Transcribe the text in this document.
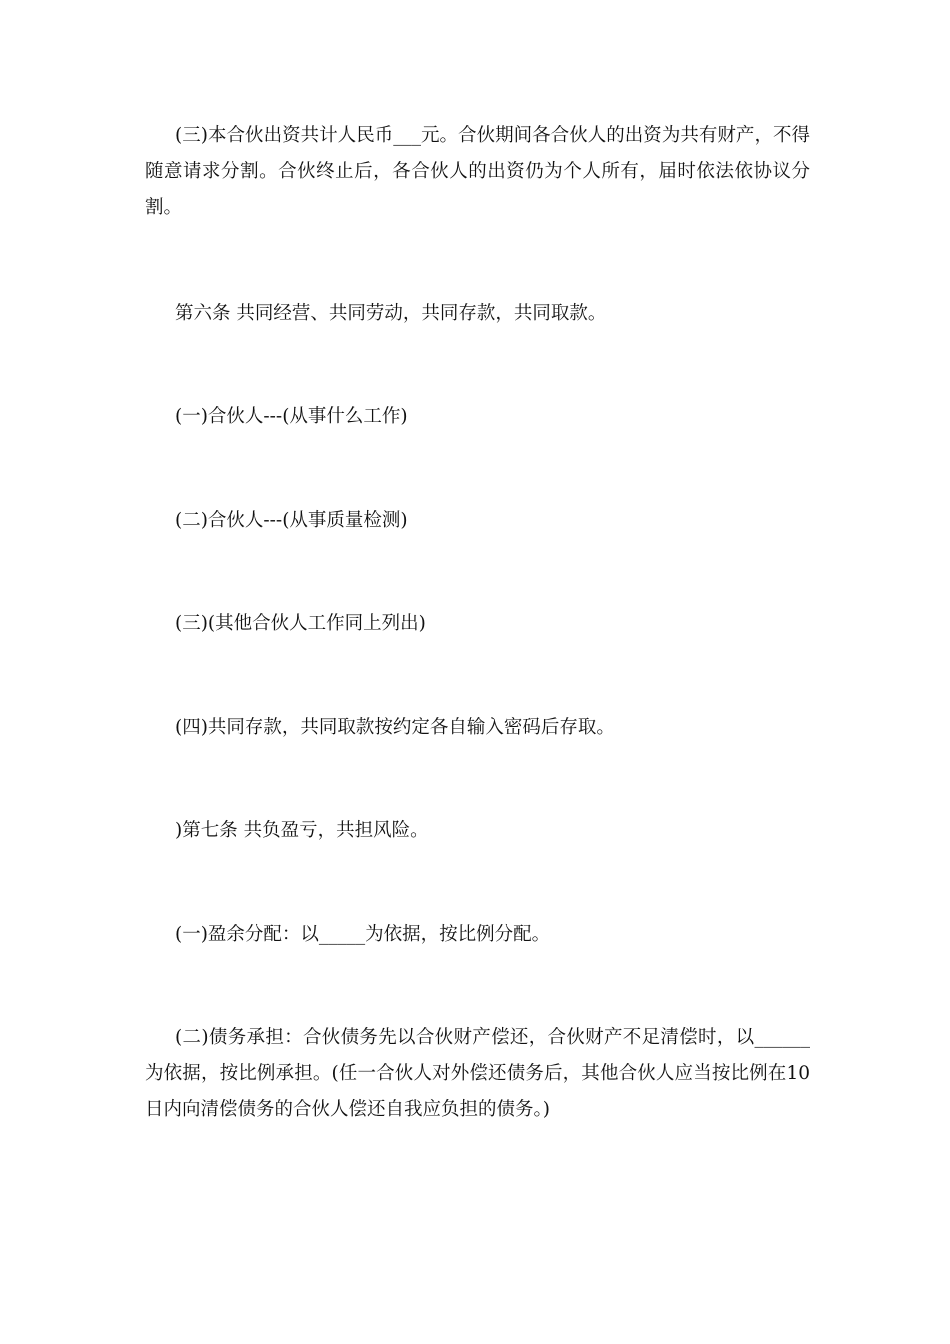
(三)本合伙出资共计人民币___元。合伙期间各合伙人的出资为共有财产，不得随意请求分割。合伙终止后，各合伙人的出资仍为个人所有，届时依法依协议分割。

第六条 共同经营、共同劳动，共同存款，共同取款。

(一)合伙人---(从事什么工作)

(二)合伙人---(从事质量检测)

(三)(其他合伙人工作同上列出)

(四)共同存款，共同取款按约定各自输入密码后存取。

)第七条 共负盈亏，共担风险。

(一)盈余分配：以_____为依据，按比例分配。

(二)债务承担：合伙债务先以合伙财产偿还，合伙财产不足清偿时，以______为依据，按比例承担。(任一合伙人对外偿还债务后，其他合伙人应当按比例在10日内向清偿债务的合伙人偿还自我应负担的债务。)
